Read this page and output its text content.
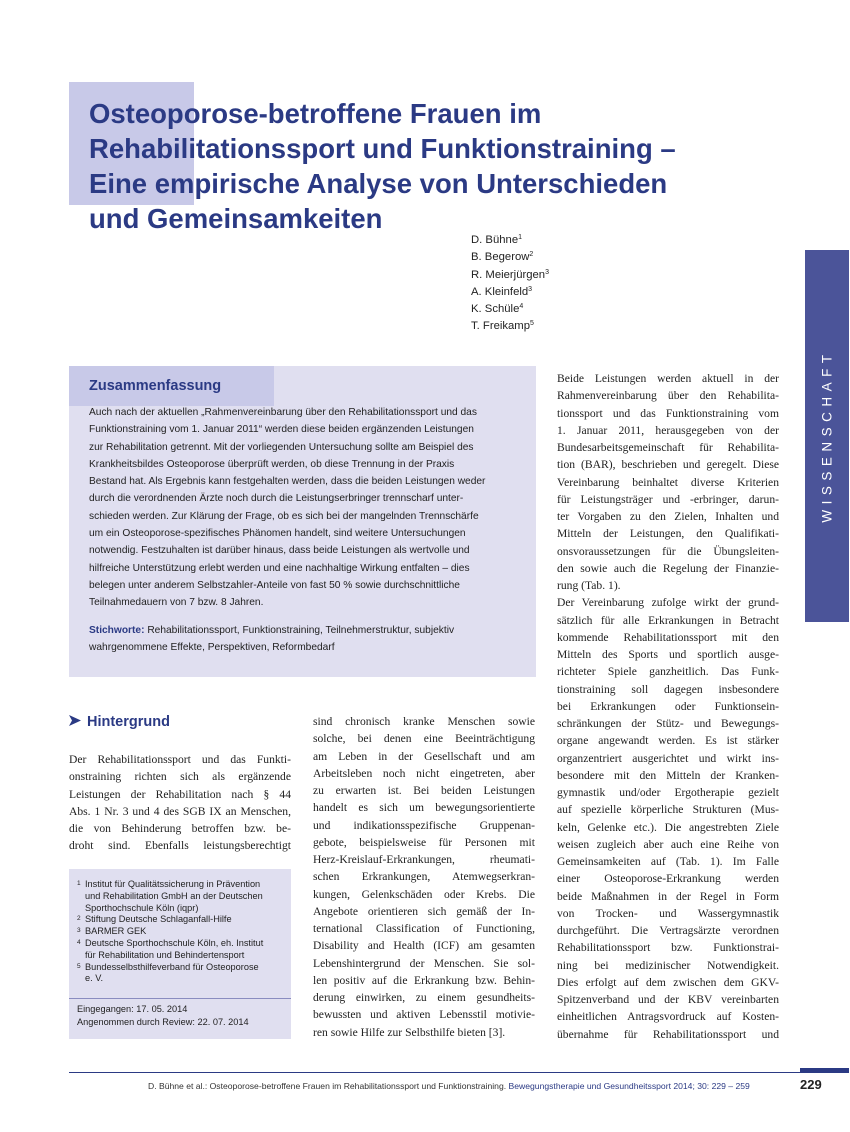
Osteoporose-betroffene Frauen im
Rehabilitationssport und Funktionstraining –
Eine empirische Analyse von Unterschieden
und Gemeinsamkeiten
D. Bühne$^1$
B. Begerow$^2$
R. Meierjürgen$^3$
A. Kleinfeld$^3$
K. Schüle$^4$
T. Freikamp$^5$
WISSENSCHAFT
Zusammenfassung
Auch nach der aktuellen „Rahmenvereinbarung über den Rehabilitationssport und das
Funktionstraining vom 1. Januar 2011“ werden diese beiden ergänzenden Leistungen
zur Rehabilitation getrennt. Mit der vorliegenden Untersuchung sollte am Beispiel des
Krankheitsbildes Osteoporose überprüft werden, ob diese Trennung in der Praxis
Bestand hat. Als Ergebnis kann festgehalten werden, dass die beiden Leistungen weder
durch die verordnenden Ärzte noch durch die Leistungserbringer trennscharf unter-
schieden werden. Zur Klärung der Frage, ob es sich bei der mangelnden Trennschärfe
um ein Osteoporose-spezifisches Phänomen handelt, sind weitere Untersuchungen
notwendig. Festzuhalten ist darüber hinaus, dass beide Leistungen als wertvolle und
hilfreiche Unterstützung erlebt werden und eine nachhaltige Wirkung entfalten – dies
belegen unter anderem Selbstzahler-Anteile von fast 50 % sowie durchschnittliche
Teilnahmedauern von 7 bzw. 8 Jahren.
Stichworte: Rehabilitationssport, Funktionstraining, Teilnehmerstruktur, subjektiv
wahrgenommene Effekte, Perspektiven, Reformbedarf
Hintergrund
Der Rehabilitationssport und das Funkti-
onstraining richten sich als ergänzende
Leistungen der Rehabilitation nach § 44
Abs. 1 Nr. 3 und 4 des SGB IX an Menschen,
die von Behinderung betroffen bzw. be-
droht sind. Ebenfalls leistungsberechtigt
sind chronisch kranke Menschen sowie
solche, bei denen eine Beeinträchtigung
am Leben in der Gesellschaft und am
Arbeitsleben noch nicht eingetreten, aber
zu erwarten ist. Bei beiden Leistungen
handelt es sich um bewegungsorientierte
und indikationsspezifische Gruppenan-
gebote, beispielsweise für Personen mit
Herz-Kreislauf-Erkrankungen, rheumati-
schen Erkrankungen, Atemwegserkran-
kungen, Gelenkschäden oder Krebs. Die
Angebote orientieren sich gemäß der In-
ternational Classification of Functioning,
Disability and Health (ICF) am gesamten
Lebenshintergrund der Menschen. Sie sol-
len positiv auf die Erkrankung bzw. Behin-
derung einwirken, zu einem gesundheits-
bewussten und aktiven Lebensstil motivie-
ren sowie Hilfe zur Selbsthilfe bieten [3].
Beide Leistungen werden aktuell in der
Rahmenvereinbarung über den Rehabilita-
tionssport und das Funktionstraining vom
1. Januar 2011, herausgegeben von der
Bundesarbeitsgemeinschaft für Rehabilita-
tion (BAR), beschrieben und geregelt. Diese
Vereinbarung beinhaltet diverse Kriterien
für Leistungsträger und -erbringer, darun-
ter Vorgaben zu den Zielen, Inhalten und
Mitteln der Leistungen, den Qualifikati-
onsvoraussetzungen für die Übungsleiten-
den sowie auch die Regelung der Finanzie-
rung (Tab. 1).
Der Vereinbarung zufolge wirkt der grund-
sätzlich für alle Erkrankungen in Betracht
kommende Rehabilitationssport mit den
Mitteln des Sports und sportlich ausge-
richteter Spiele ganzheitlich. Das Funk-
tionstraining soll dagegen insbesondere
bei Erkrankungen oder Funktionsein-
schränkungen der Stütz- und Bewegungs-
organe angewandt werden. Es ist stärker
organzentriert ausgerichtet und wirkt ins-
besondere mit den Mitteln der Kranken-
gymnastik und/oder Ergotherapie gezielt
auf spezielle körperliche Strukturen (Mus-
keln, Gelenke etc.). Die angestrebten Ziele
weisen zugleich aber auch eine Reihe von
Gemeinsamkeiten auf (Tab. 1). Im Falle
einer Osteoporose-Erkrankung werden
beide Maßnahmen in der Regel in Form
von Trocken- und Wassergymnastik
durchgeführt. Die Vertragsärzte verordnen
Rehabilitationssport bzw. Funktionstrai-
ning bei medizinischer Notwendigkeit.
Dies erfolgt auf dem zwischen dem GKV-
Spitzenverband und der KBV vereinbarten
einheitlichen Antragsvordruck auf Kosten-
übernahme für Rehabilitationssport und
1 Institut für Qualitätssicherung in Prävention
und Rehabilitation GmbH an der Deutschen
Sporthochschule Köln (iqpr)
2 Stiftung Deutsche Schlaganfall-Hilfe
3 BARMER GEK
4 Deutsche Sporthochschule Köln, eh. Institut
für Rehabilitation und Behindertensport
5 Bundesselbsthilfeverband für Osteoporose
e. V.
Eingegangen: 17. 05. 2014
Angenommen durch Review: 22. 07. 2014
D. Bühne et al.: Osteoporose-betroffene Frauen im Rehabilitationssport und Funktionstraining. Bewegungstherapie und Gesundheitssport 2014; 30: 229 – 259	229
